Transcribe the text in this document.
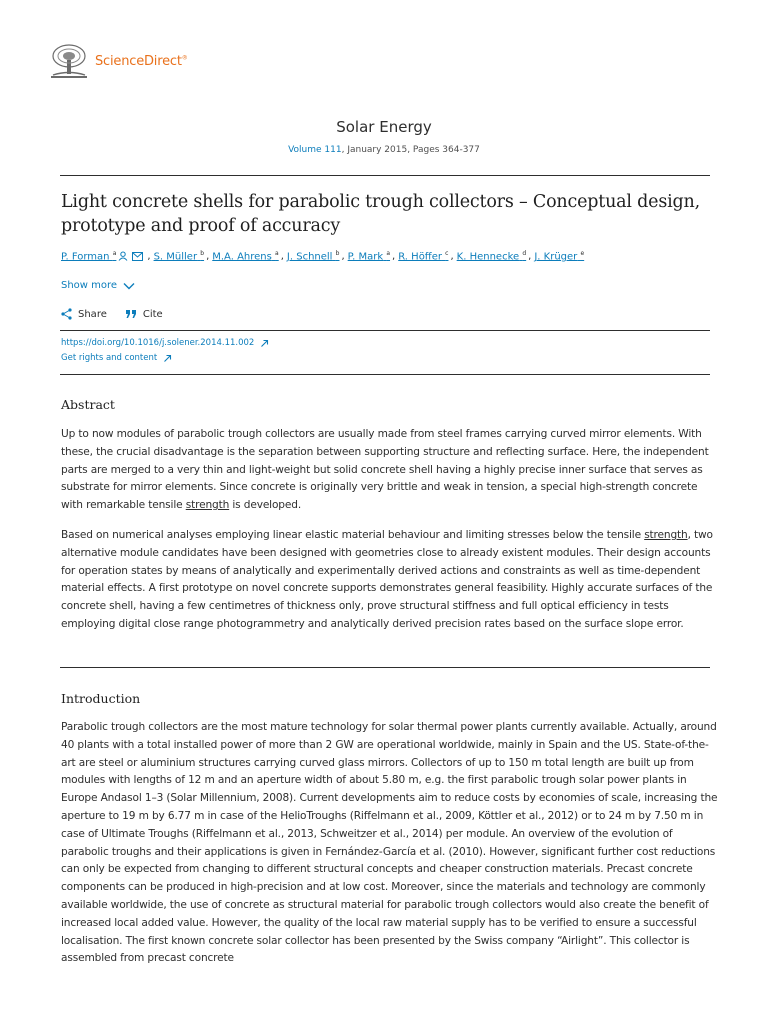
ScienceDirect®
Solar Energy
Volume 111, January 2015, Pages 364-377
Light concrete shells for parabolic trough collectors – Conceptual design, prototype and proof of accuracy
P. Forman $^a$	, S. Müller $^b$ , M.A. Ahrens $^a$ , J. Schnell $^b$ , P. Mark $^a$ , R. Höffer $^c$ , K. Hennecke $^d$ , J. Krüger $^e$
Show more
Share	Cite
https://doi.org/10.1016/j.solener.2014.11.002
Get rights and content
Abstract

Up to now modules of parabolic trough collectors are usually made from steel frames carrying curved mirror elements. With these, the crucial disadvantage is the separation between supporting structure and reflecting surface. Here, the independent parts are merged to a very thin and light-weight but solid concrete shell having a highly precise inner surface that serves as substrate for mirror elements. Since concrete is originally very brittle and weak in tension, a special high-strength concrete with remarkable tensile strength is developed.

Based on numerical analyses employing linear elastic material behaviour and limiting stresses below the tensile strength, two alternative module candidates have been designed with geometries close to already existent modules. Their design accounts for operation states by means of analytically and experimentally derived actions and constraints as well as time-dependent material effects. A first prototype on novel concrete supports demonstrates general feasibility. Highly accurate surfaces of the concrete shell, having a few centimetres of thickness only, prove structural stiffness and full optical efficiency in tests employing digital close range photogrammetry and analytically derived precision rates based on the surface slope error.

Introduction

Parabolic trough collectors are the most mature technology for solar thermal power plants currently available. Actually, around 40 plants with a total installed power of more than 2 GW are operational worldwide, mainly in Spain and the US. State-of-the-art are steel or aluminium structures carrying curved glass mirrors. Collectors of up to 150 m total length are built up from modules with lengths of 12 m and an aperture width of about 5.80 m, e.g. the first parabolic trough solar power plants in Europe Andasol 1–3 (Solar Millennium, 2008). Current developments aim to reduce costs by economies of scale, increasing the aperture to 19 m by 6.77 m in case of the HelioTroughs (Riffelmann et al., 2009, Köttler et al., 2012) or to 24 m by 7.50 m in case of Ultimate Troughs (Riffelmann et al., 2013, Schweitzer et al., 2014) per module. An overview of the evolution of parabolic troughs and their applications is given in Fernández-García et al. (2010). However, significant further cost reductions can only be expected from changing to different structural concepts and cheaper construction materials. Precast concrete components can be produced in high-precision and at low cost. Moreover, since the materials and technology are commonly available worldwide, the use of concrete as structural material for parabolic trough collectors would also create the benefit of increased local added value. However, the quality of the local raw material supply has to be verified to ensure a successful localisation. The first known concrete solar collector has been presented by the Swiss company “Airlight”. This collector is assembled from precast concrete
